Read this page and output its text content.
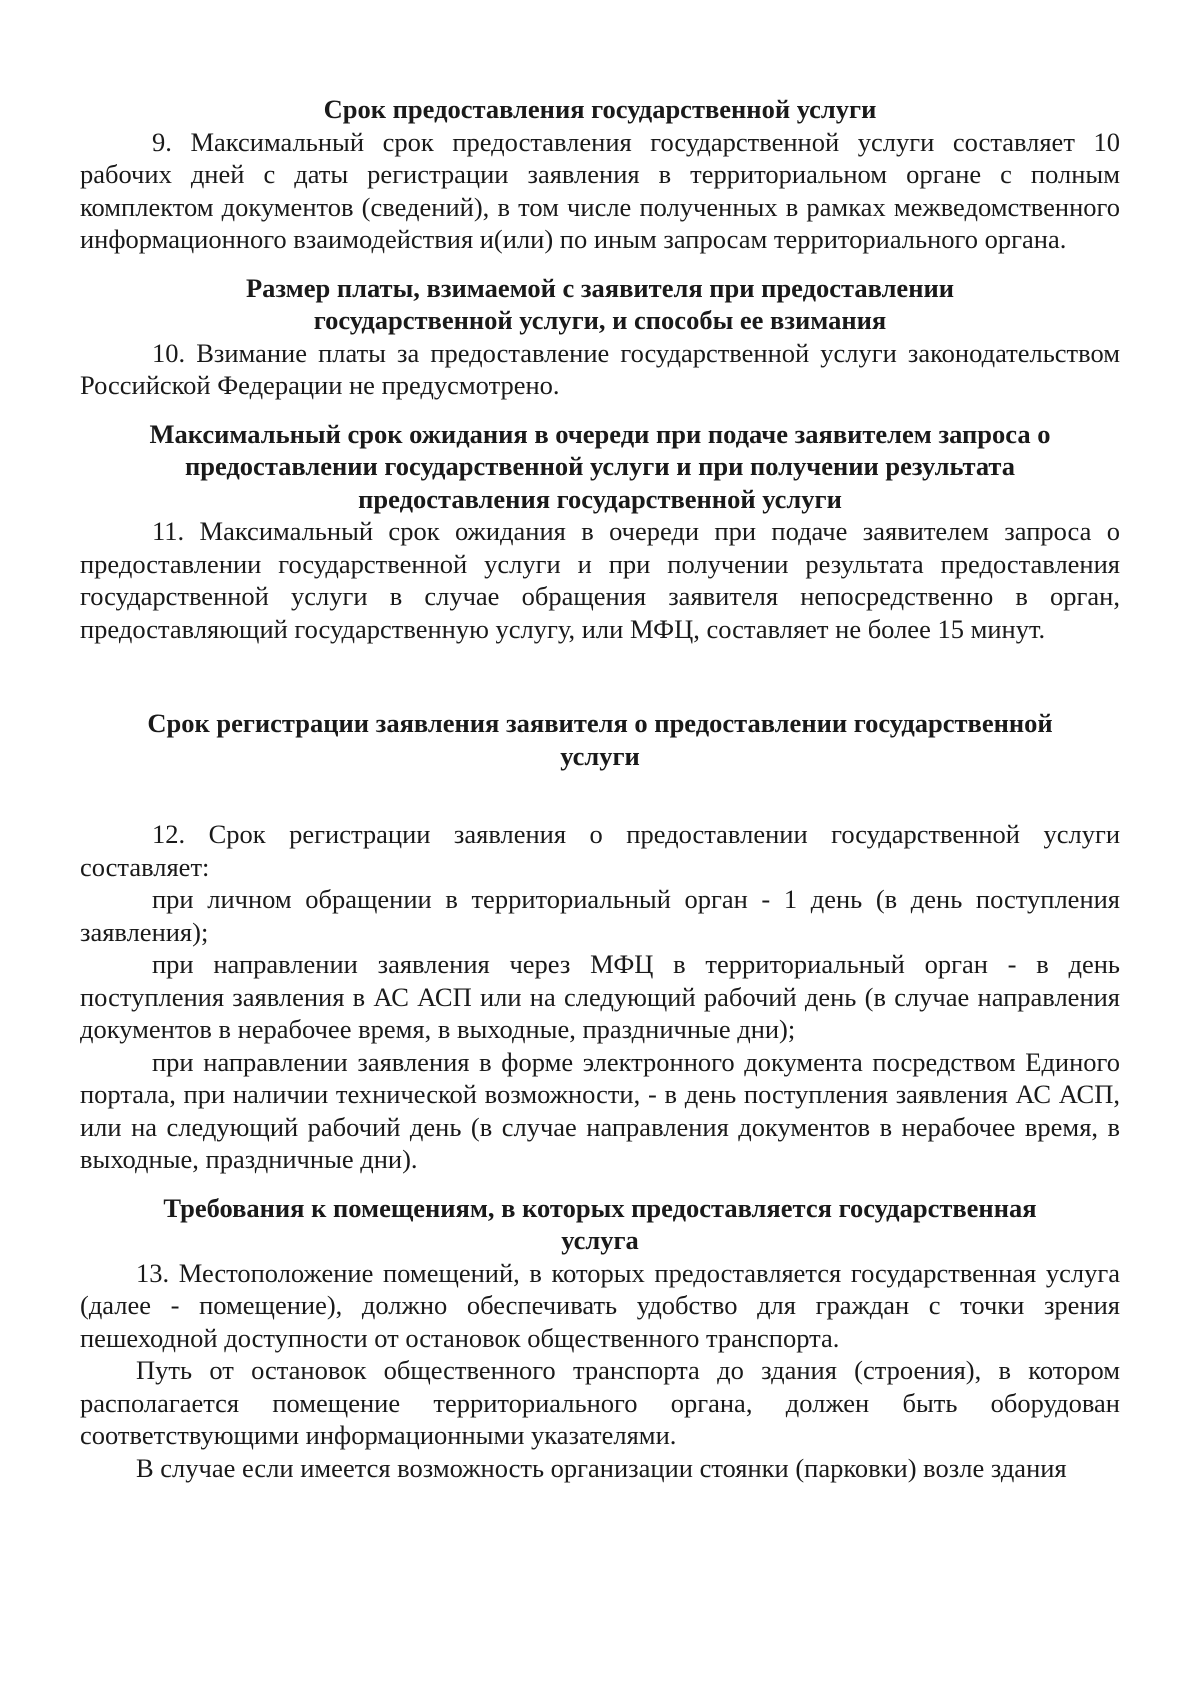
Срок предоставления государственной услуги

9. Максимальный срок предоставления государственной услуги составляет 10 рабочих дней с даты регистрации заявления в территориальном органе с полным комплектом документов (сведений), в том числе полученных в рамках межведомственного информационного взаимодействия и(или) по иным запросам территориального органа.

Размер платы, взимаемой с заявителя при предоставлении
государственной услуги, и способы ее взимания

10. Взимание платы за предоставление государственной услуги законодательством Российской Федерации не предусмотрено.

Максимальный срок ожидания в очереди при подаче заявителем запроса о
предоставлении государственной услуги и при получении результата
предоставления государственной услуги

11. Максимальный срок ожидания в очереди при подаче заявителем запроса о предоставлении государственной услуги и при получении результата предоставления государственной услуги в случае обращения заявителя непосредственно в орган, предоставляющий государственную услугу, или МФЦ, составляет не более 15 минут.

Срок регистрации заявления заявителя о предоставлении государственной
услуги

12. Срок регистрации заявления о предоставлении государственной услуги составляет:

при личном обращении в территориальный орган - 1 день (в день поступления заявления);

при направлении заявления через МФЦ в территориальный орган - в день поступления заявления в АС АСП или на следующий рабочий день (в случае направления документов в нерабочее время, в выходные, праздничные дни);

при направлении заявления в форме электронного документа посредством Единого портала, при наличии технической возможности, - в день поступления заявления АС АСП, или на следующий рабочий день (в случае направления документов в нерабочее время, в выходные, праздничные дни).

Требования к помещениям, в которых предоставляется государственная
услуга

13. Местоположение помещений, в которых предоставляется государственная услуга (далее - помещение), должно обеспечивать удобство для граждан с точки зрения пешеходной доступности от остановок общественного транспорта.

Путь от остановок общественного транспорта до здания (строения), в котором располагается помещение территориального органа, должен быть оборудован соответствующими информационными указателями.

В случае если имеется возможность организации стоянки (парковки) возле здания
